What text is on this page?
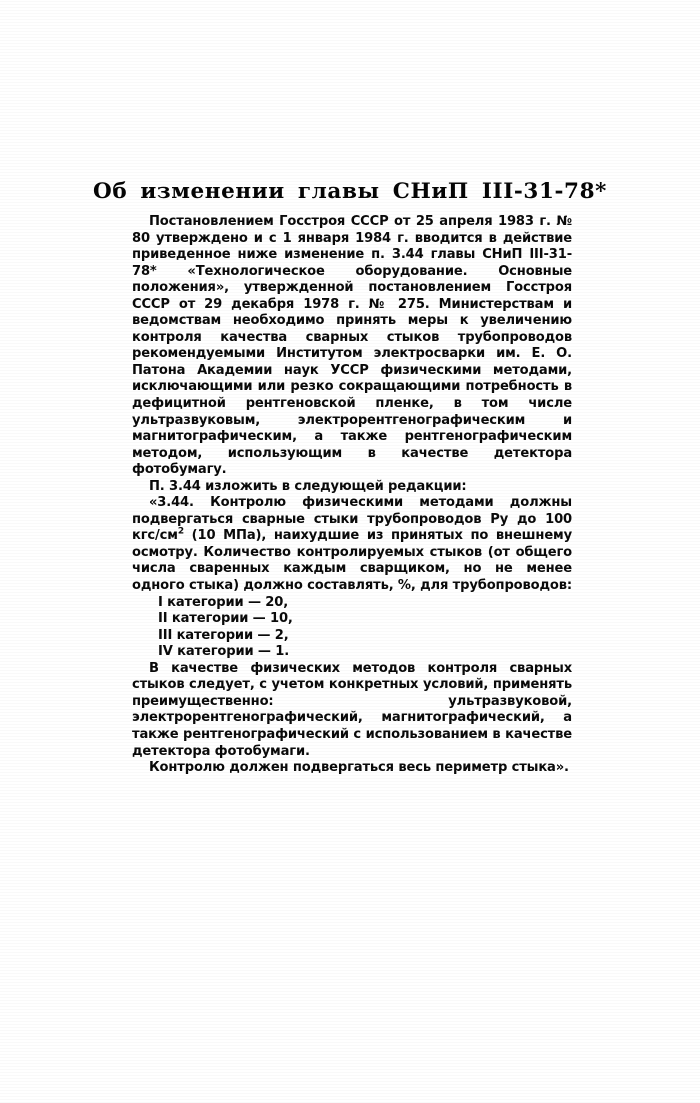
Об изменении главы СНиП III-31-78*

Постановлением Госстроя СССР от 25 апреля 1983 г. № 80 утверждено и с 1 января 1984 г. вводится в действие приведенное ниже изменение п. 3.44 главы СНиП III-31-78* «Технологическое оборудование. Основные положения», утвержденной постановлением Госстроя СССР от 29 декабря 1978 г. № 275. Министерствам и ведомствам необходимо принять меры к увеличению контроля качества сварных стыков трубопроводов рекомендуемыми Институтом электросварки им. Е. О. Патона Академии наук УССР физическими методами, исключающими или резко сокращающими потребность в дефицитной рентгеновской пленке, в том числе ультразвуковым, электрорентгенографическим и магнитографическим, а также рентгенографическим методом, использующим в качестве детектора фотобумагу.

П. 3.44 изложить в следующей редакции:

«3.44. Контролю физическими методами должны подвергаться сварные стыки трубопроводов Ру до 100 кгс/$см^2$ (10 МПа), наихудшие из принятых по внешнему осмотру. Количество контролируемых стыков (от общего числа сваренных каждым сварщиком, но не менее одного стыка) должно составлять, %, для трубопроводов:

I категории — 20,
II категории — 10,
III категории — 2,
IV категории — 1.

В качестве физических методов контроля сварных стыков следует, с учетом конкретных условий, применять преимущественно: ультразвуковой, электрорентгенографический, магнитографический, а также рентгенографический с использованием в качестве детектора фотобумаги.

Контролю должен подвергаться весь периметр стыка».
